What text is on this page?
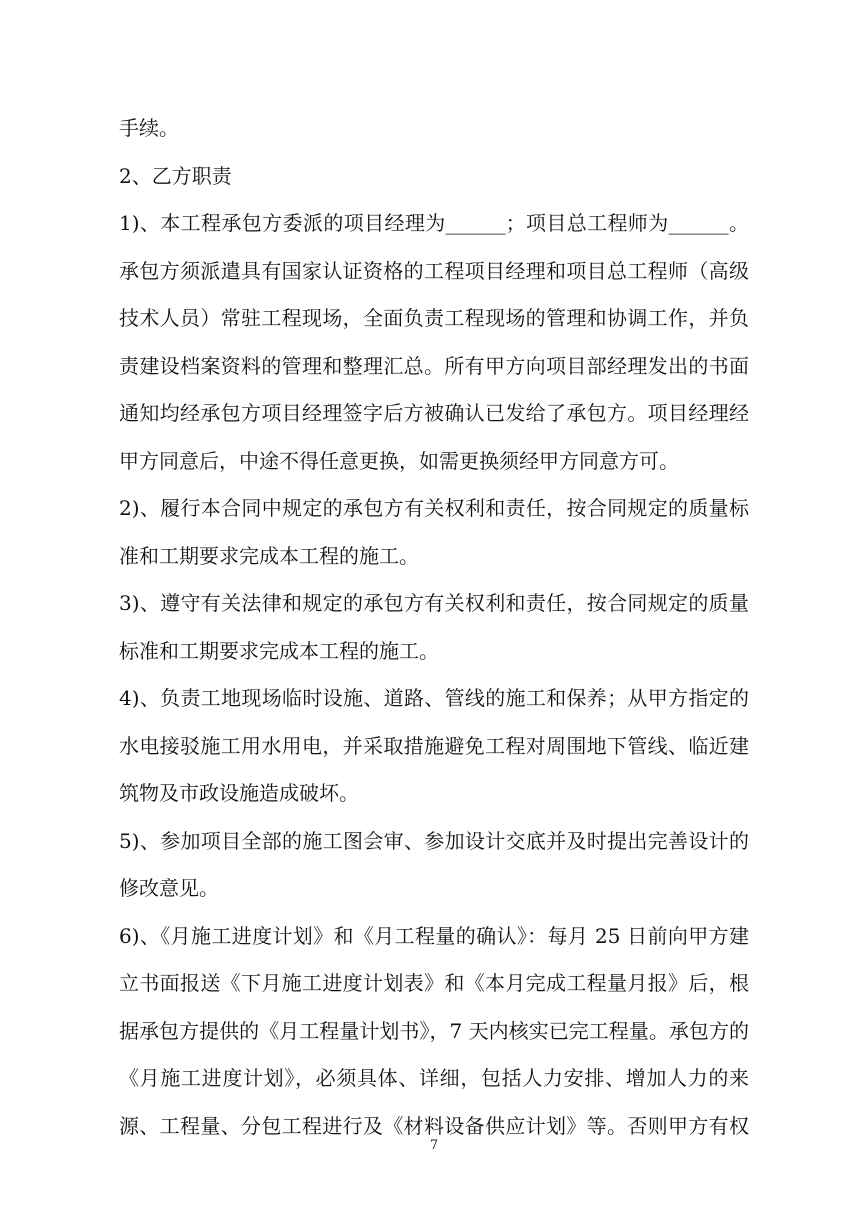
手续。
2、乙方职责
1)、本工程承包方委派的项目经理为______；项目总工程师为______。
承包方须派遣具有国家认证资格的工程项目经理和项目总工程师（高级
技术人员）常驻工程现场，全面负责工程现场的管理和协调工作，并负
责建设档案资料的管理和整理汇总。所有甲方向项目部经理发出的书面
通知均经承包方项目经理签字后方被确认已发给了承包方。项目经理经
甲方同意后，中途不得任意更换，如需更换须经甲方同意方可。
2)、履行本合同中规定的承包方有关权利和责任，按合同规定的质量标
准和工期要求完成本工程的施工。
3)、遵守有关法律和规定的承包方有关权利和责任，按合同规定的质量
标准和工期要求完成本工程的施工。
4)、负责工地现场临时设施、道路、管线的施工和保养；从甲方指定的
水电接驳施工用水用电，并采取措施避免工程对周围地下管线、临近建
筑物及市政设施造成破坏。
5)、参加项目全部的施工图会审、参加设计交底并及时提出完善设计的
修改意见。
6)、《月施工进度计划》和《月工程量的确认》：每月 25 日前向甲方建
立书面报送《下月施工进度计划表》和《本月完成工程量月报》后，根
据承包方提供的《月工程量计划书》，7 天内核实已完工程量。承包方的
《月施工进度计划》，必须具体、详细，包括人力安排、增加人力的来
源、工程量、分包工程进行及《材料设备供应计划》等。否则甲方有权
7
